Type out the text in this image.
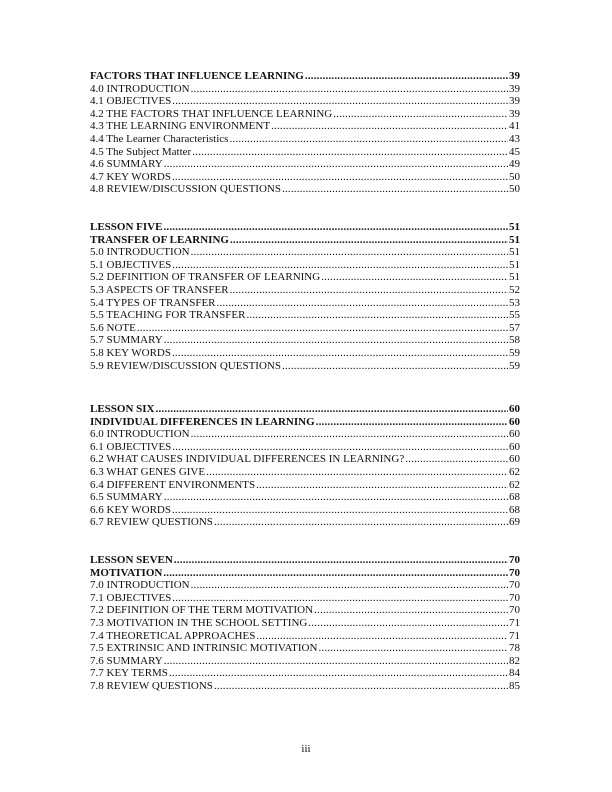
FACTORS THAT INFLUENCE LEARNING .....	39
4.0 INTRODUCTION .....	39
4.1 OBJECTIVES .....	39
4.2 THE FACTORS THAT INFLUENCE LEARNING .....	39
4.3 THE LEARNING ENVIRONMENT .....	41
4.4 The Learner Characteristics .....	43
4.5 The Subject Matter .....	45
4.6 SUMMARY .....	49
4.7 KEY WORDS .....	50
4.8 REVIEW/DISCUSSION QUESTIONS .....	50
LESSON FIVE .....	51
TRANSFER OF LEARNING .....	51
5.0 INTRODUCTION .....	51
5.1 OBJECTIVES .....	51
5.2 DEFINITION OF TRANSFER OF LEARNING .....	51
5.3 ASPECTS OF TRANSFER .....	52
5.4 TYPES OF TRANSFER .....	53
5.5 TEACHING FOR TRANSFER .....	55
5.6 NOTE .....	57
5.7 SUMMARY .....	58
5.8 KEY WORDS .....	59
5.9 REVIEW/DISCUSSION QUESTIONS .....	59
LESSON SIX .....	60
INDIVIDUAL DIFFERENCES IN LEARNING .....	60
6.0 INTRODUCTION .....	60
6.1 OBJECTIVES .....	60
6.2 WHAT CAUSES INDIVIDUAL DIFFERENCES IN LEARNING? .....	60
6.3 WHAT GENES GIVE .....	62
6.4 DIFFERENT ENVIRONMENTS .....	62
6.5 SUMMARY .....	68
6.6 KEY WORDS .....	68
6.7 REVIEW QUESTIONS .....	69
LESSON SEVEN .....	70
MOTIVATION .....	70
7.0 INTRODUCTION .....	70
7.1 OBJECTIVES .....	70
7.2 DEFINITION OF THE TERM MOTIVATION .....	70
7.3 MOTIVATION IN THE SCHOOL SETTING .....	71
7.4 THEORETICAL APPROACHES .....	71
7.5 EXTRINSIC AND INTRINSIC MOTIVATION .....	78
7.6 SUMMARY .....	82
7.7 KEY TERMS .....	84
7.8 REVIEW QUESTIONS .....	85
iii
